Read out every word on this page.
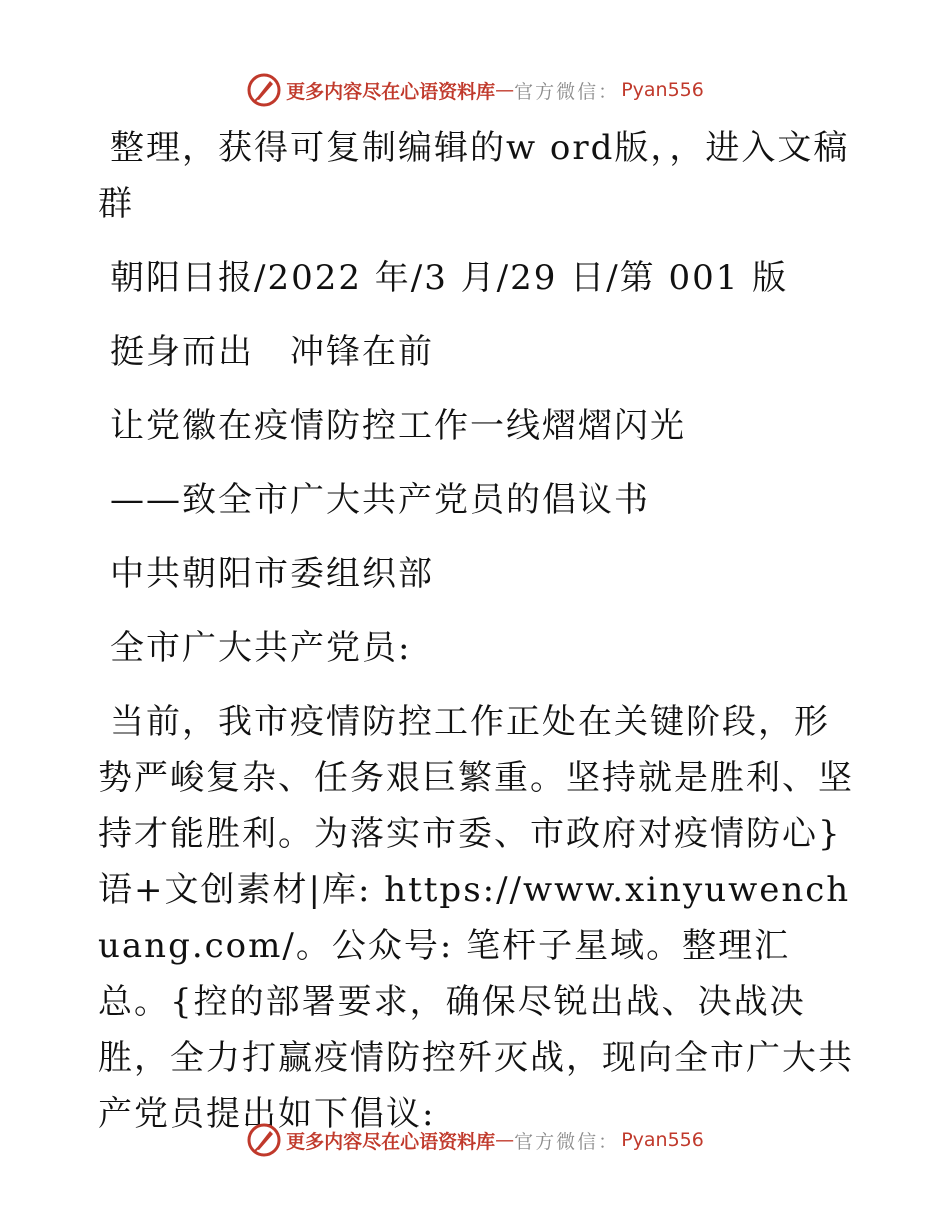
更多内容尽在心语资料库 — 官方微信： Pyan556

整理，获得可复制编辑的w ord版，，进入文稿群

朝阳日报/2022 年/3 月/29 日/第 001 版

挺身而出　冲锋在前

让党徽在疫情防控工作一线熠熠闪光

——致全市广大共产党员的倡议书

中共朝阳市委组织部

全市广大共产党员:

当前，我市疫情防控工作正处在关键阶段，形势严峻复杂、任务艰巨繁重。坚持就是胜利、坚持才能胜利。为落实市委、市政府对疫情防心}语+文创素材|库: https://www.xinyuwenchuang.com/。公众号: 笔杆子星域。整理汇总。{控的部署要求，确保尽锐出战、决战决胜，全力打赢疫情防控歼灭战，现向全市广大共产党员提出如下倡议:

更多内容尽在心语资料库 — 官方微信： Pyan556
